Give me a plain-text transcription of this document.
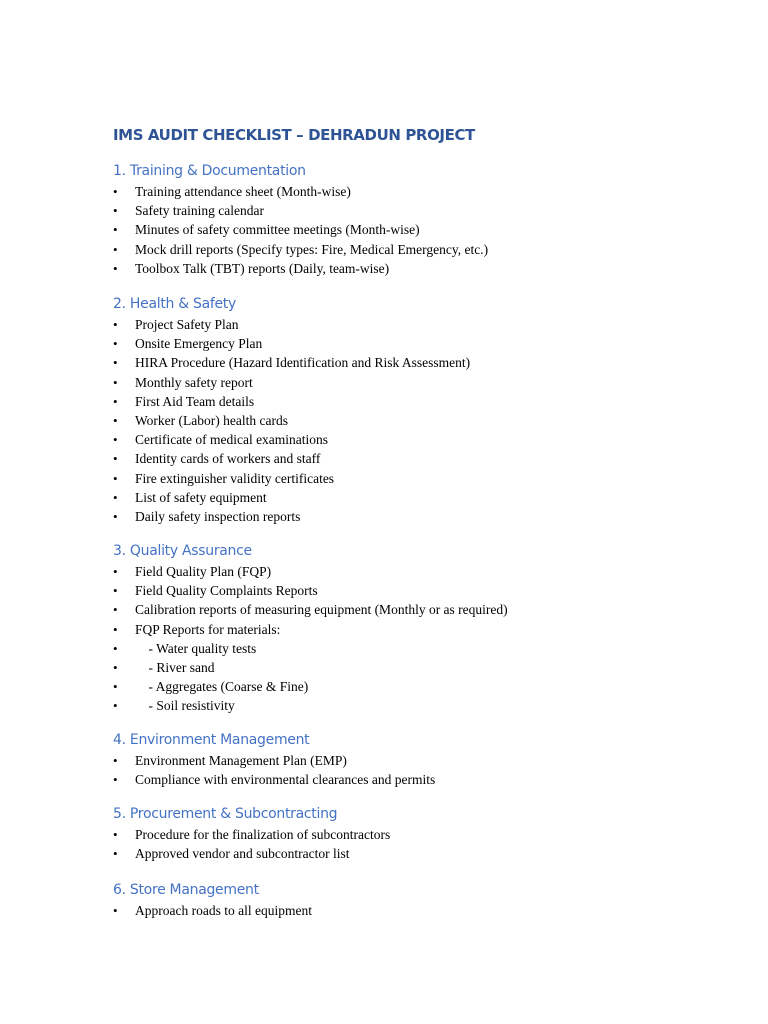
IMS AUDIT CHECKLIST – DEHRADUN PROJECT
1. Training & Documentation
•	Training attendance sheet (Month-wise)
•	Safety training calendar
•	Minutes of safety committee meetings (Month-wise)
•	Mock drill reports (Specify types: Fire, Medical Emergency, etc.)
•	Toolbox Talk (TBT) reports (Daily, team-wise)
2. Health & Safety
•	Project Safety Plan
•	Onsite Emergency Plan
•	HIRA Procedure (Hazard Identification and Risk Assessment)
•	Monthly safety report
•	First Aid Team details
•	Worker (Labor) health cards
•	Certificate of medical examinations
•	Identity cards of workers and staff
•	Fire extinguisher validity certificates
•	List of safety equipment
•	Daily safety inspection reports
3. Quality Assurance
•	Field Quality Plan (FQP)
•	Field Quality Complaints Reports
•	Calibration reports of measuring equipment (Monthly or as required)
•	FQP Reports for materials:
•	- Water quality tests
•	- River sand
•	- Aggregates (Coarse & Fine)
•	- Soil resistivity
4. Environment Management
•	Environment Management Plan (EMP)
•	Compliance with environmental clearances and permits
5. Procurement & Subcontracting
•	Procedure for the finalization of subcontractors
•	Approved vendor and subcontractor list
6. Store Management
•	Approach roads to all equipment
